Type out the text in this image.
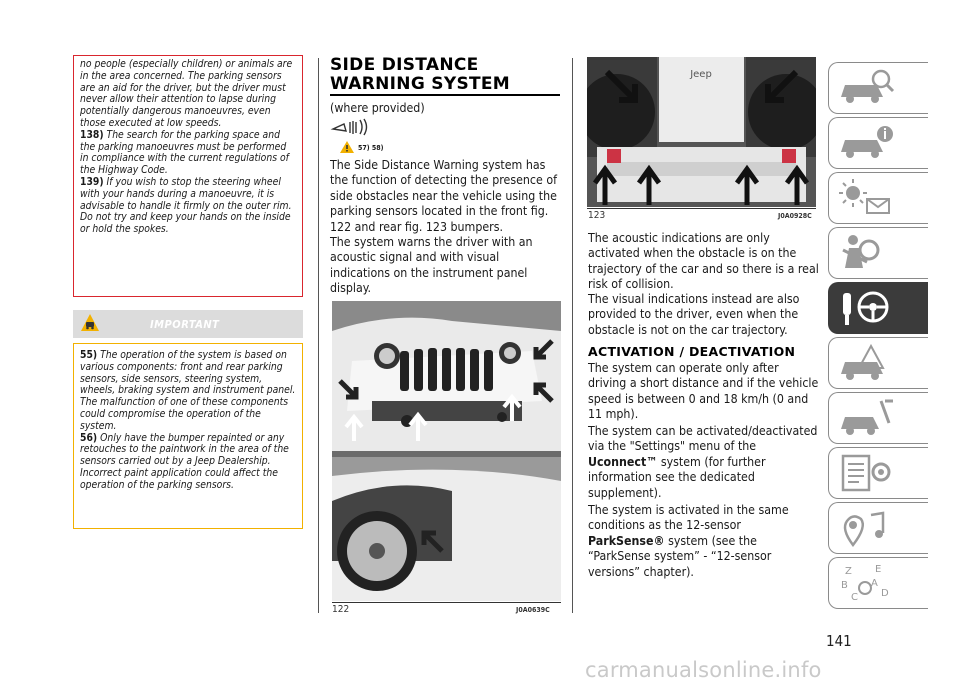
no people (especially children) or animals are in the area concerned. The parking sensors are an aid for the driver, but the driver must never allow their attention to lapse during potentially dangerous manoeuvres, even those executed at low speeds.

138) The search for the parking space and the parking manoeuvres must be performed in compliance with the current regulations of the Highway Code.

139) If you wish to stop the steering wheel with your hands during a manoeuvre, it is advisable to handle it firmly on the outer rim. Do not try and keep your hands on the inside or hold the spokes.

IMPORTANT

55) The operation of the system is based on various components: front and rear parking sensors, side sensors, steering system, wheels, braking system and instrument panel. The malfunction of one of these components could compromise the operation of the system.

56) Only have the bumper repainted or any retouches to the paintwork in the area of the sensors carried out by a Jeep Dealership. Incorrect paint application could affect the operation of the parking sensors.

SIDE DISTANCE WARNING SYSTEM
(where provided)
57) 58)

The Side Distance Warning system has the function of detecting the presence of side obstacles near the vehicle using the parking sensors located in the front fig. 122 and rear fig. 123 bumpers.

The system warns the driver with an acoustic signal and with visual indications on the instrument panel display.

122	J0A0639C
Jeep
123	J0A0928C

The acoustic indications are only activated when the obstacle is on the trajectory of the car and so there is a real risk of collision.

The visual indications instead are also provided to the driver, even when the obstacle is not on the car trajectory.

ACTIVATION / DEACTIVATION

The system can operate only after driving a short distance and if the vehicle speed is between 0 and 18 km/h (0 and 11 mph).

The system can be activated/deactivated via the "Settings" menu of the Uconnect™ system (for further information see the dedicated supplement).

The system is activated in the same conditions as the 12-sensor ParkSense® system (see the “ParkSense system” - “12-sensor versions” chapter).	Z E
B A
C D
141
carmanualsonline.info
